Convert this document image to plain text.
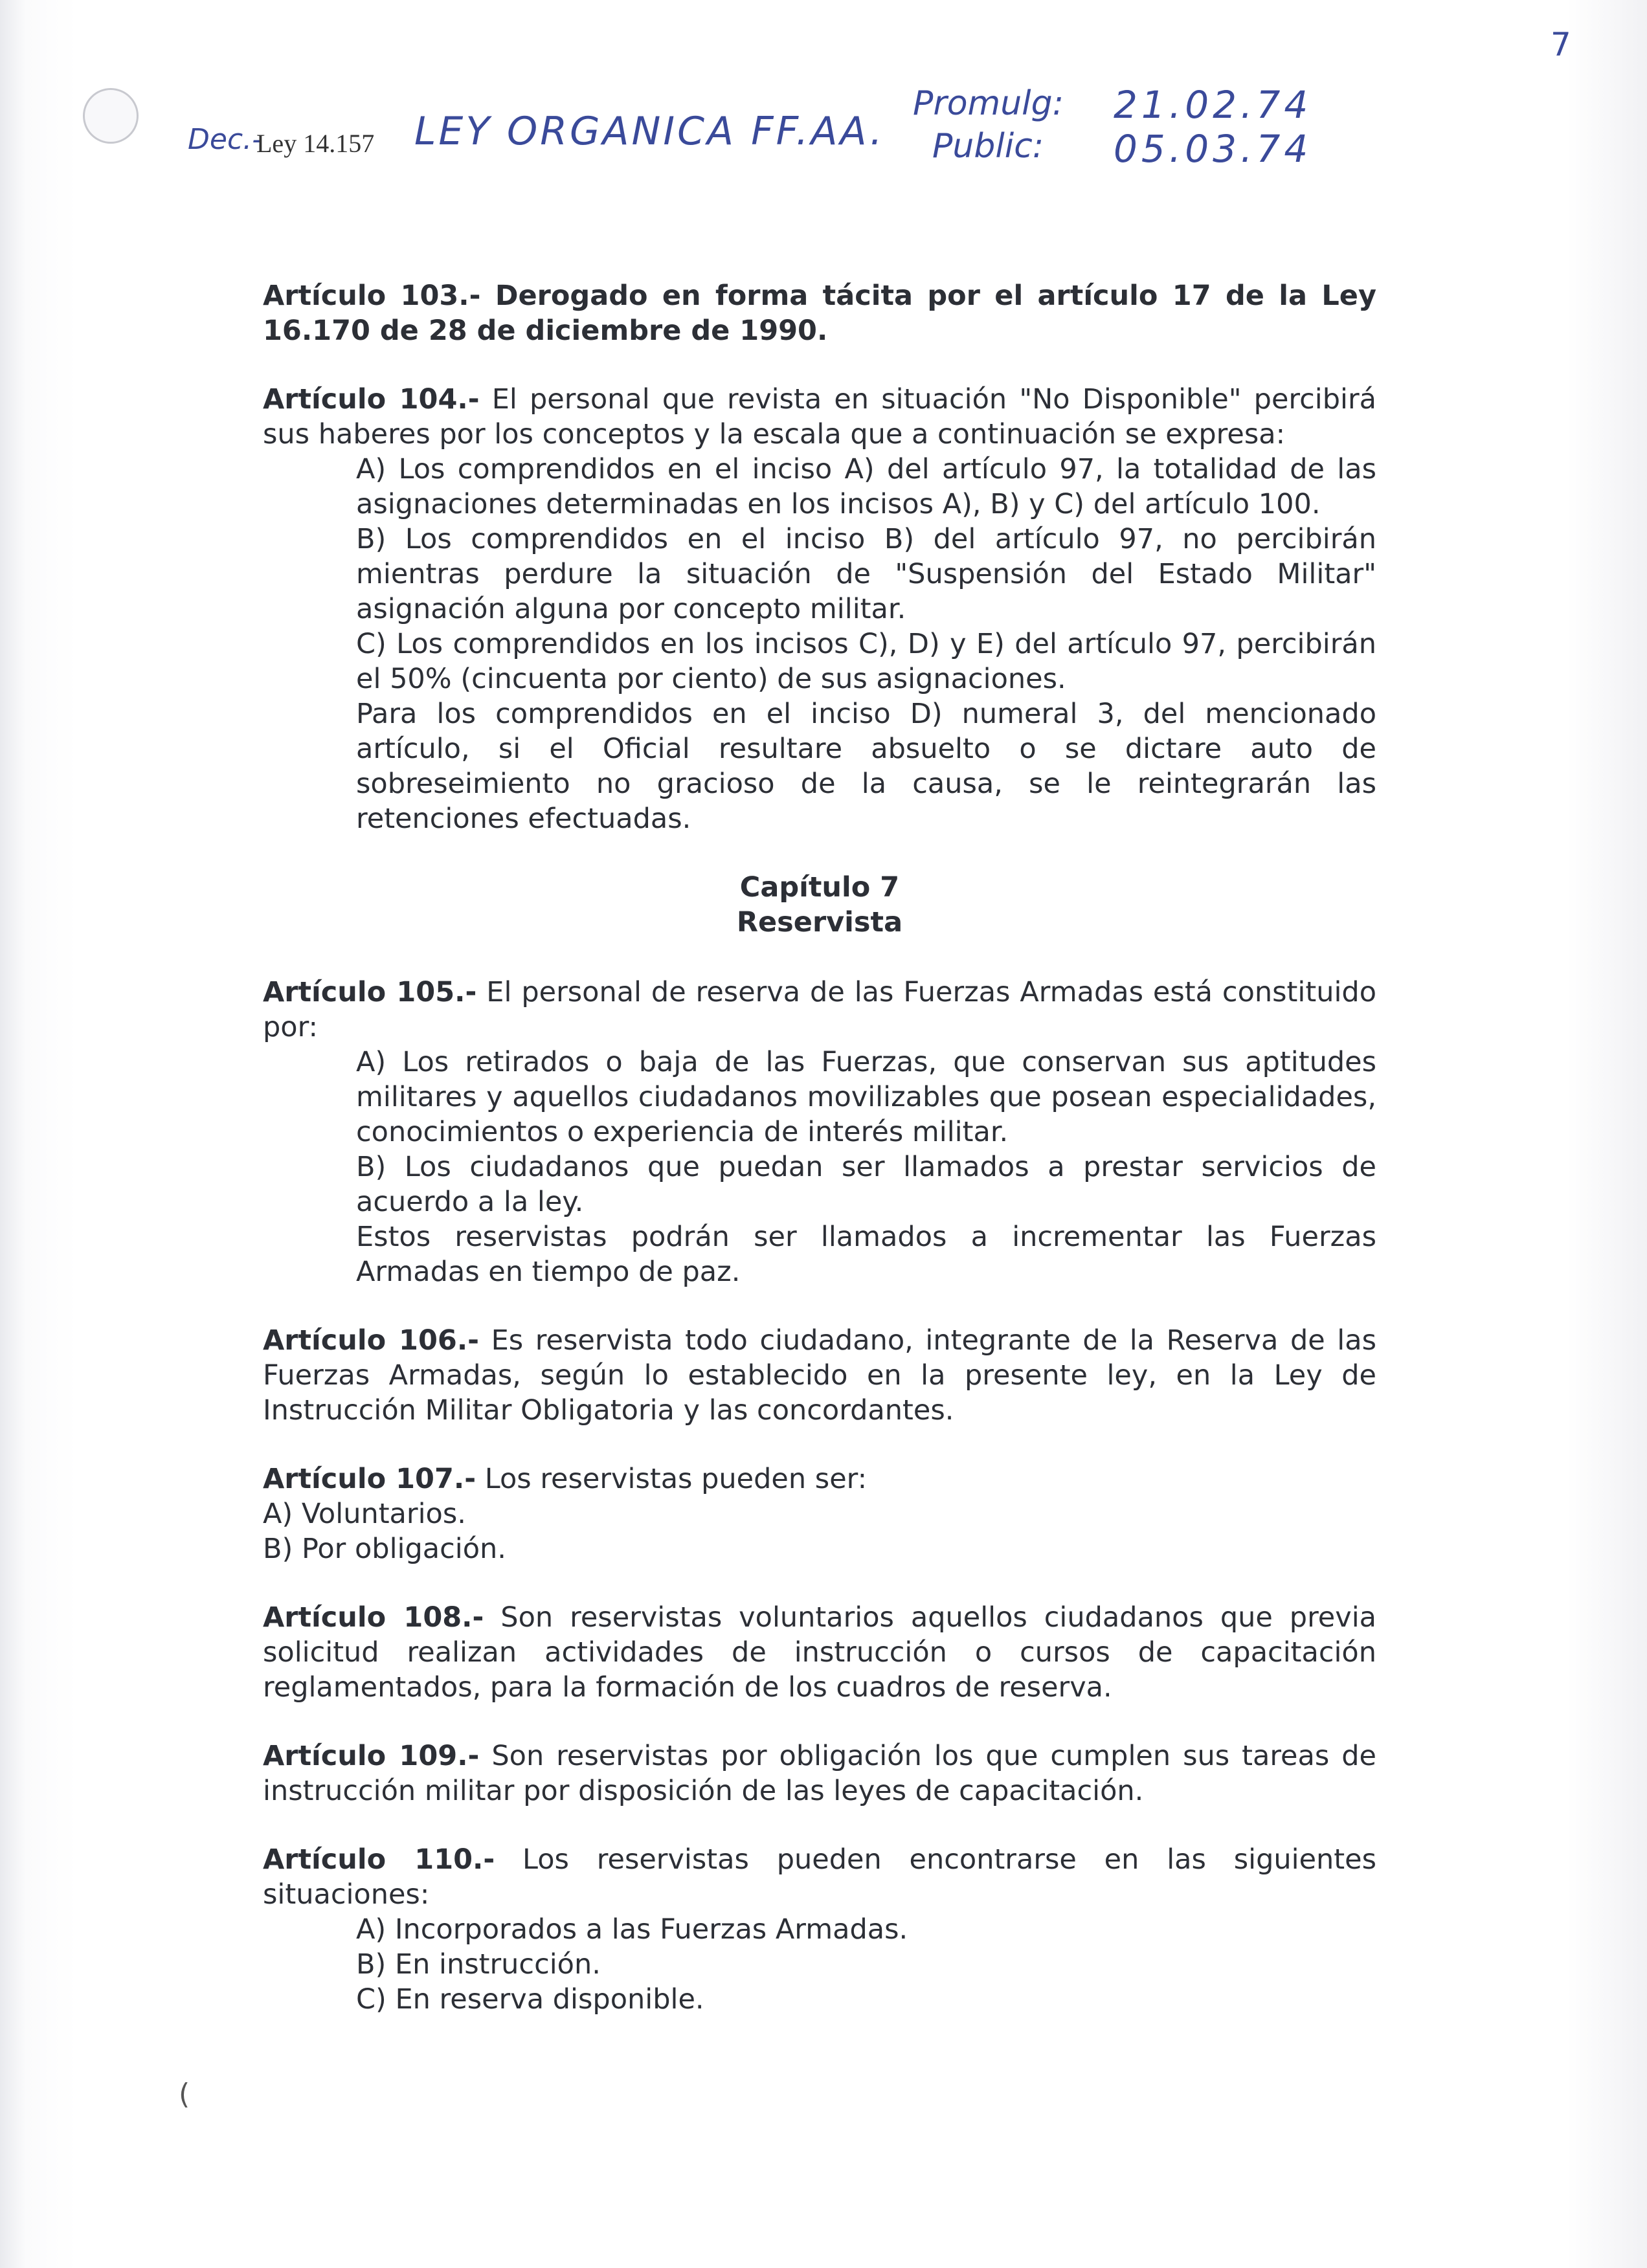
7
Dec.-
Ley 14.157 LEY ORGANICA FF.AA.
Promulg:
Public:
21.02.74
05.03.74

Artículo 103.- Derogado en forma tácita por el artículo 17 de la Ley 16.170 de 28 de diciembre de 1990.

Artículo 104.- El personal que revista en situación "No Disponible" percibirá sus haberes por los conceptos y la escala que a continuación se expresa:

A) Los comprendidos en el inciso A) del artículo 97, la totalidad de las asignaciones determinadas en los incisos A), B) y C) del artículo 100.

B) Los comprendidos en el inciso B) del artículo 97, no percibirán mientras perdure la situación de "Suspensión del Estado Militar" asignación alguna por concepto militar.

C) Los comprendidos en los incisos C), D) y E) del artículo 97, percibirán el 50% (cincuenta por ciento) de sus asignaciones.

Para los comprendidos en el inciso D) numeral 3, del mencionado artículo, si el Oficial resultare absuelto o se dictare auto de sobreseimiento no gracioso de la causa, se le reintegrarán las retenciones efectuadas.

Capítulo 7
Reservista
Artículo 105.- El personal de reserva de las Fuerzas Armadas está constituido por:

A) Los retirados o baja de las Fuerzas, que conservan sus aptitudes militares y aquellos ciudadanos movilizables que posean especialidades, conocimientos o experiencia de interés militar.

B) Los ciudadanos que puedan ser llamados a prestar servicios de acuerdo a la ley.

Estos reservistas podrán ser llamados a incrementar las Fuerzas Armadas en tiempo de paz.

Artículo 106.- Es reservista todo ciudadano, integrante de la Reserva de las Fuerzas Armadas, según lo establecido en la presente ley, en la Ley de Instrucción Militar Obligatoria y las concordantes.
Artículo 107.- Los reservistas pueden ser:

A) Voluntarios.

B) Por obligación.

Artículo 108.- Son reservistas voluntarios aquellos ciudadanos que previa solicitud realizan actividades de instrucción o cursos de capacitación reglamentados, para la formación de los cuadros de reserva.
Artículo 109.- Son reservistas por obligación los que cumplen sus tareas de instrucción militar por disposición de las leyes de capacitación.
Artículo 110.- Los reservistas pueden encontrarse en las siguientes situaciones:

A) Incorporados a las Fuerzas Armadas.

B) En instrucción.

C) En reserva disponible.

(
